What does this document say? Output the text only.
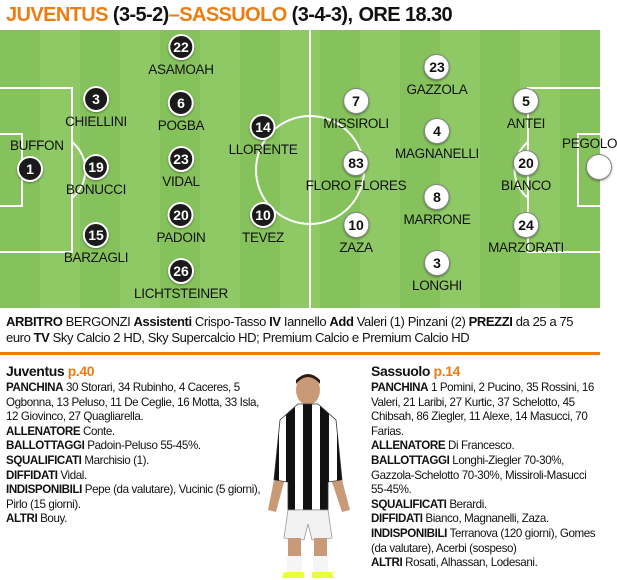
JUVENTUS (3-5-2) – SASSUOLO (3-4-3), ORE 18.30
BUFFON
1
3
CHIELLINI
19
BONUCCI
15
BARZAGLI
22
ASAMOAH
6
POGBA
23
VIDAL
20
PADOIN
26
LICHTSTEINER
14
LLORENTE
10
TEVEZ
7
MISSIROLI
83
FLORO FLORES
10
ZAZA
23
GAZZOLA
4
MAGNANELLI
8
MARRONE
3
LONGHI
5
ANTEI
20
BIANCO
24
MARZORATI
PEGOLO
ARBITRO BERGONZI Assistenti Crispo-Tasso IV Iannello Add Valeri (1) Pinzani (2) PREZZI da 25 a 75 euro TV Sky Calcio 2 HD, Sky Supercalcio HD; Premium Calcio e Premium Calcio HD
Juventus p.40

PANCHINA 30 Storari, 34 Rubinho, 4 Caceres, 5 Ogbonna, 13 Peluso, 11 De Ceglie, 16 Motta, 33 Isla, 12 Giovinco, 27 Quagliarella.

ALLENATORE Conte.

BALLOTTAGGI Padoin-Peluso 55-45%.

SQUALIFICATI Marchisio (1).

DIFFIDATI Vidal.

INDISPONIBILI Pepe (da valutare), Vucinic (5 giorni), Pirlo (15 giorni).

ALTRI Bouy.

Sassuolo p.14

PANCHINA 1 Pomini, 2 Pucino, 35 Rossini, 16 Valeri, 21 Laribi, 27 Kurtic, 37 Schelotto, 45 Chibsah, 86 Ziegler, 11 Alexe, 14 Masucci, 70 Farias.

ALLENATORE Di Francesco.

BALLOTTAGGI Longhi-Ziegler 70-30%, Gazzola-Schelotto 70-30%, Missiroli-Masucci 55-45%.

SQUALIFICATI Berardi.

DIFFIDATI Bianco, Magnanelli, Zaza.

INDISPONIBILI Terranova (120 giorni), Gomes (da valutare), Acerbi (sospeso)

ALTRI Rosati, Alhassan, Lodesani.
